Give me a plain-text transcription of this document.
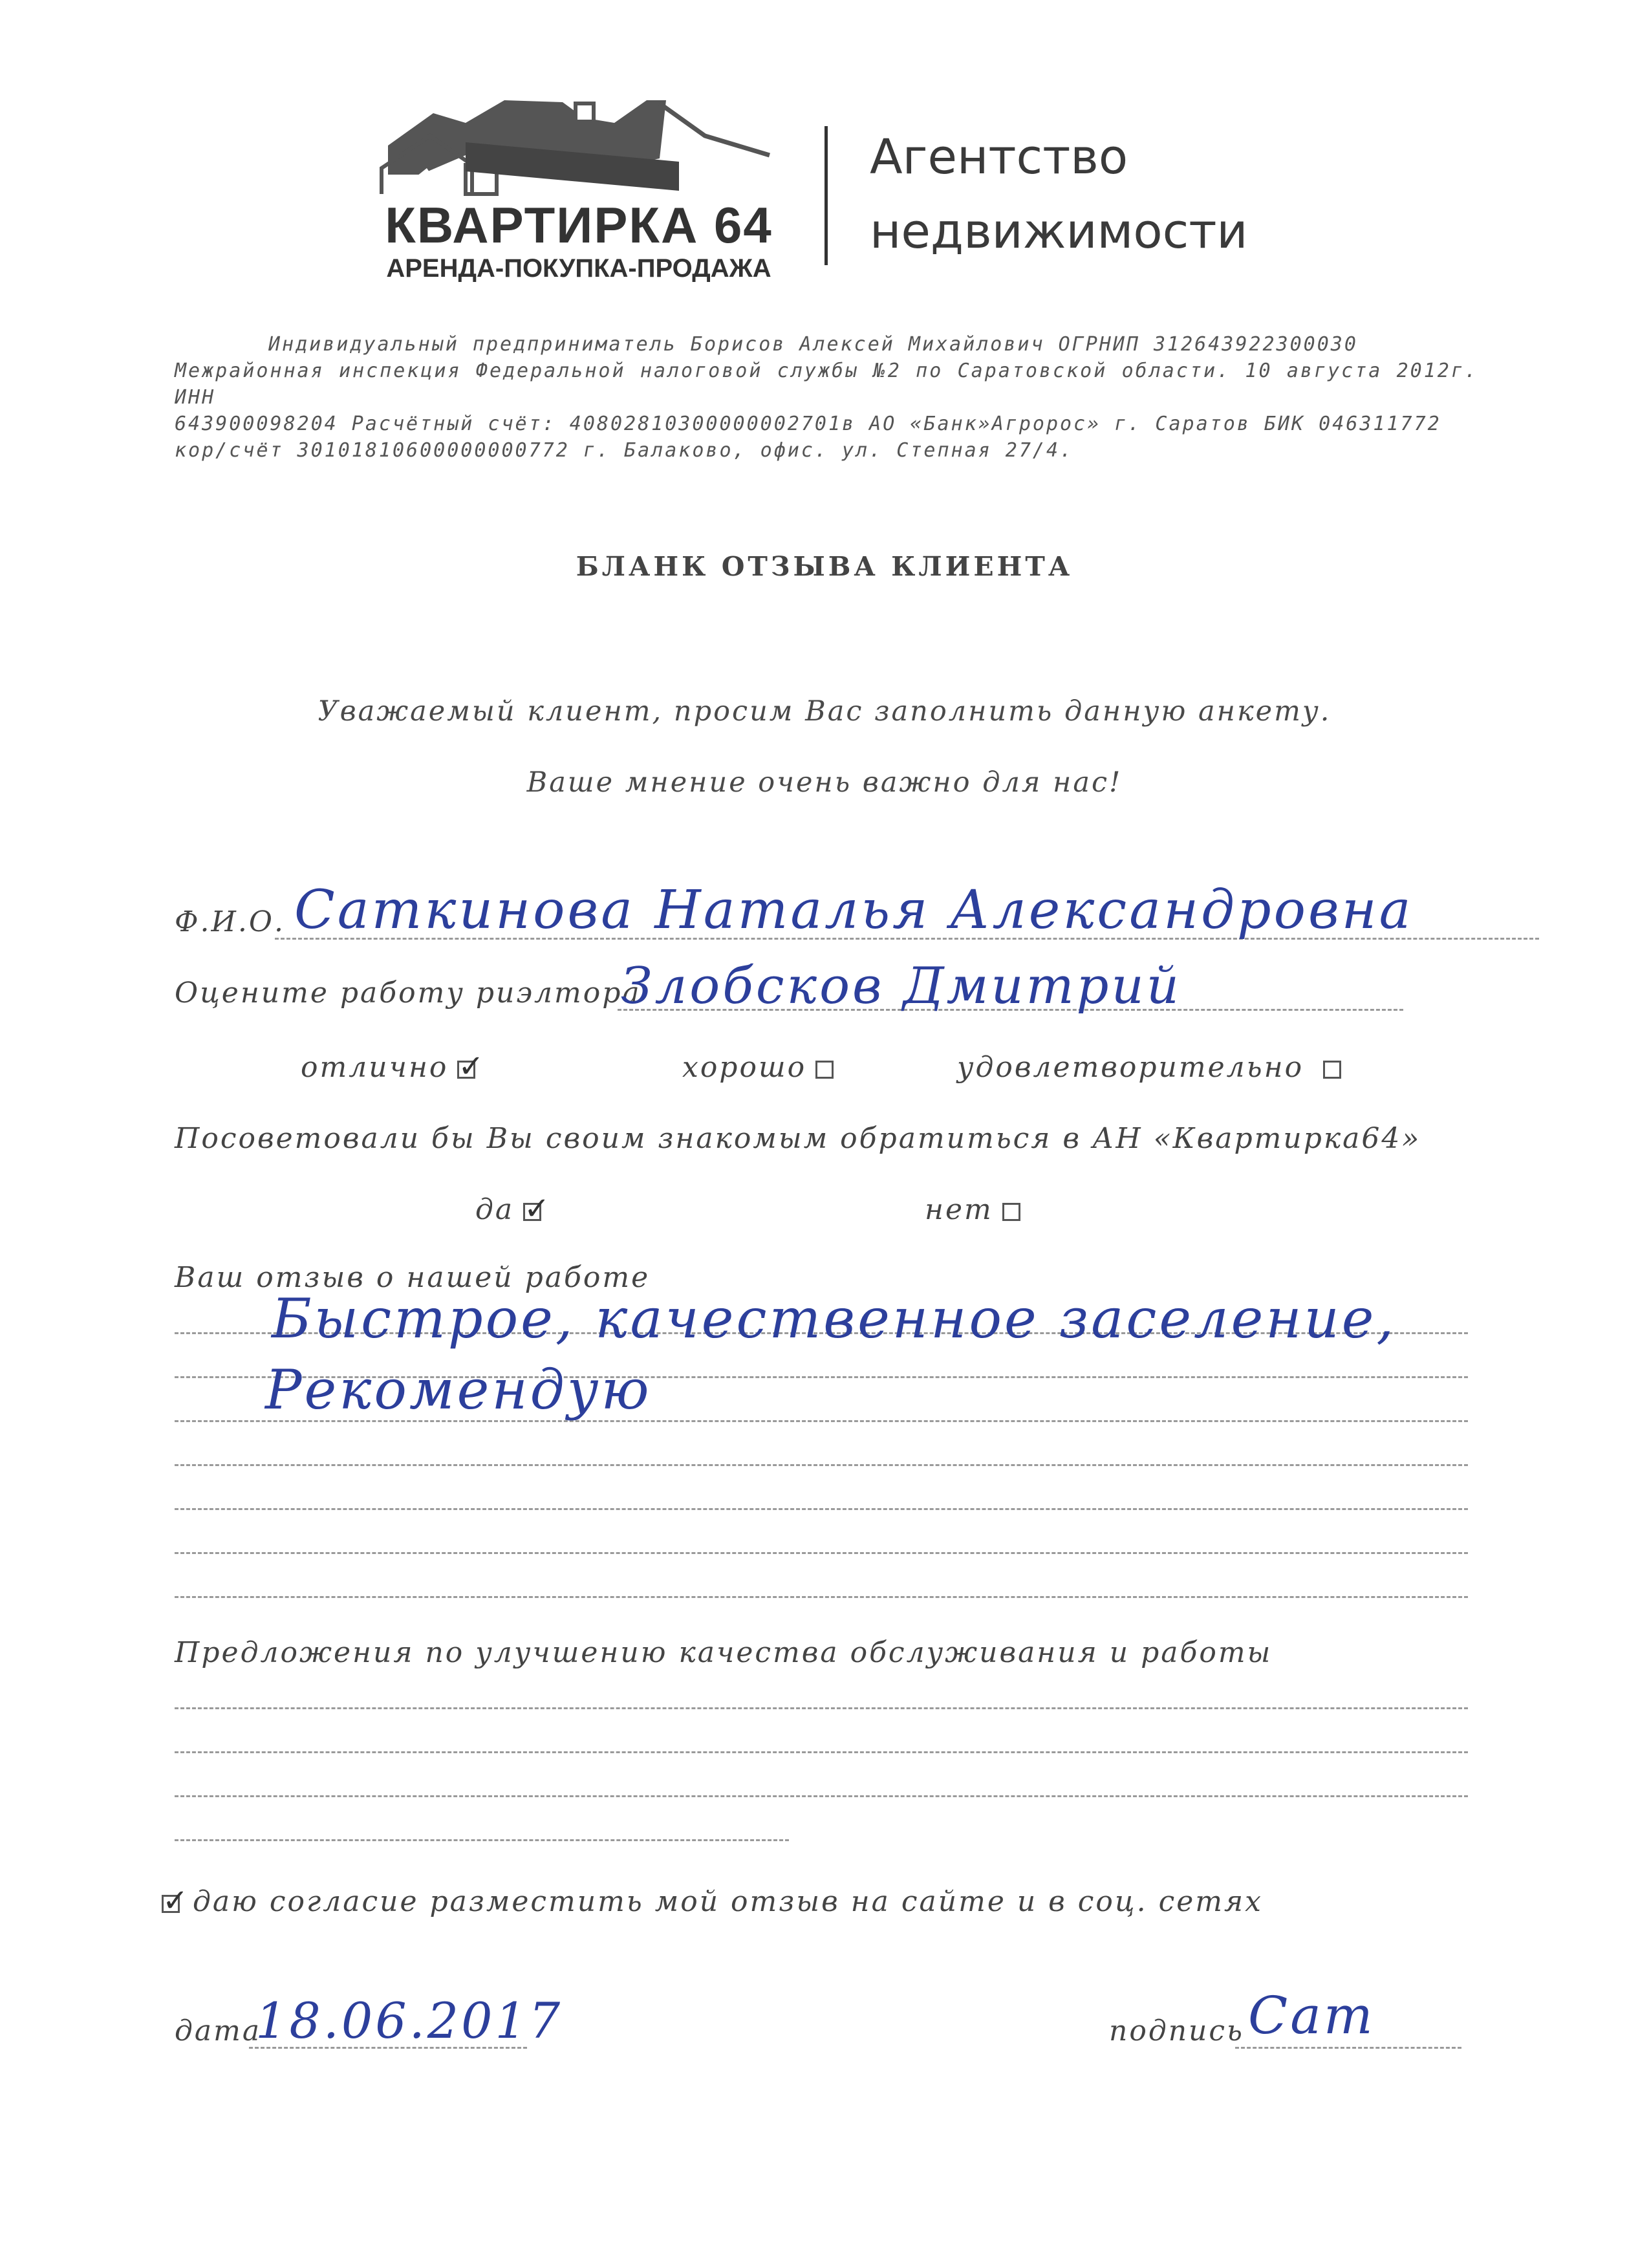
КВАРТИРКА 64
АРЕНДА-ПОКУПКА-ПРОДАЖА
Агентство
недвижимости
Индивидуальный предприниматель Борисов Алексей Михайлович ОГРНИП 312643922300030
Межрайонная инспекция Федеральной налоговой службы №2 по Саратовской области. 10 августа 2012г. ИНН
643900098204 Расчётный счёт: 40802810300000002701в АО «Банк»Агророс» г. Саратов БИК 046311772
кор/счёт 30101810600000000772 г. Балаково, офис. ул. Степная 27/4.
БЛАНК ОТЗЫВА КЛИЕНТА
Уважаемый клиент, просим Вас заполнить данную анкету.
Ваше мнение очень важно для нас!
Ф.И.О. Саткинова Наталья Александровна
Оцените работу риэлтора
Злобсков Дмитрий
отлично ✓	хорошо	удовлетворительно
Посоветовали бы Вы своим знакомым обратиться в АН «Квартирка64»
да ✓	нет
Ваш отзыв о нашей работе
Быстрое, качественное заселение,
Рекомендую
Предложения по улучшению качества обслуживания и работы
✓даю согласие разместить мой отзыв на сайте и в соц. сетях
дата
18.06.2017	подпись Сат
